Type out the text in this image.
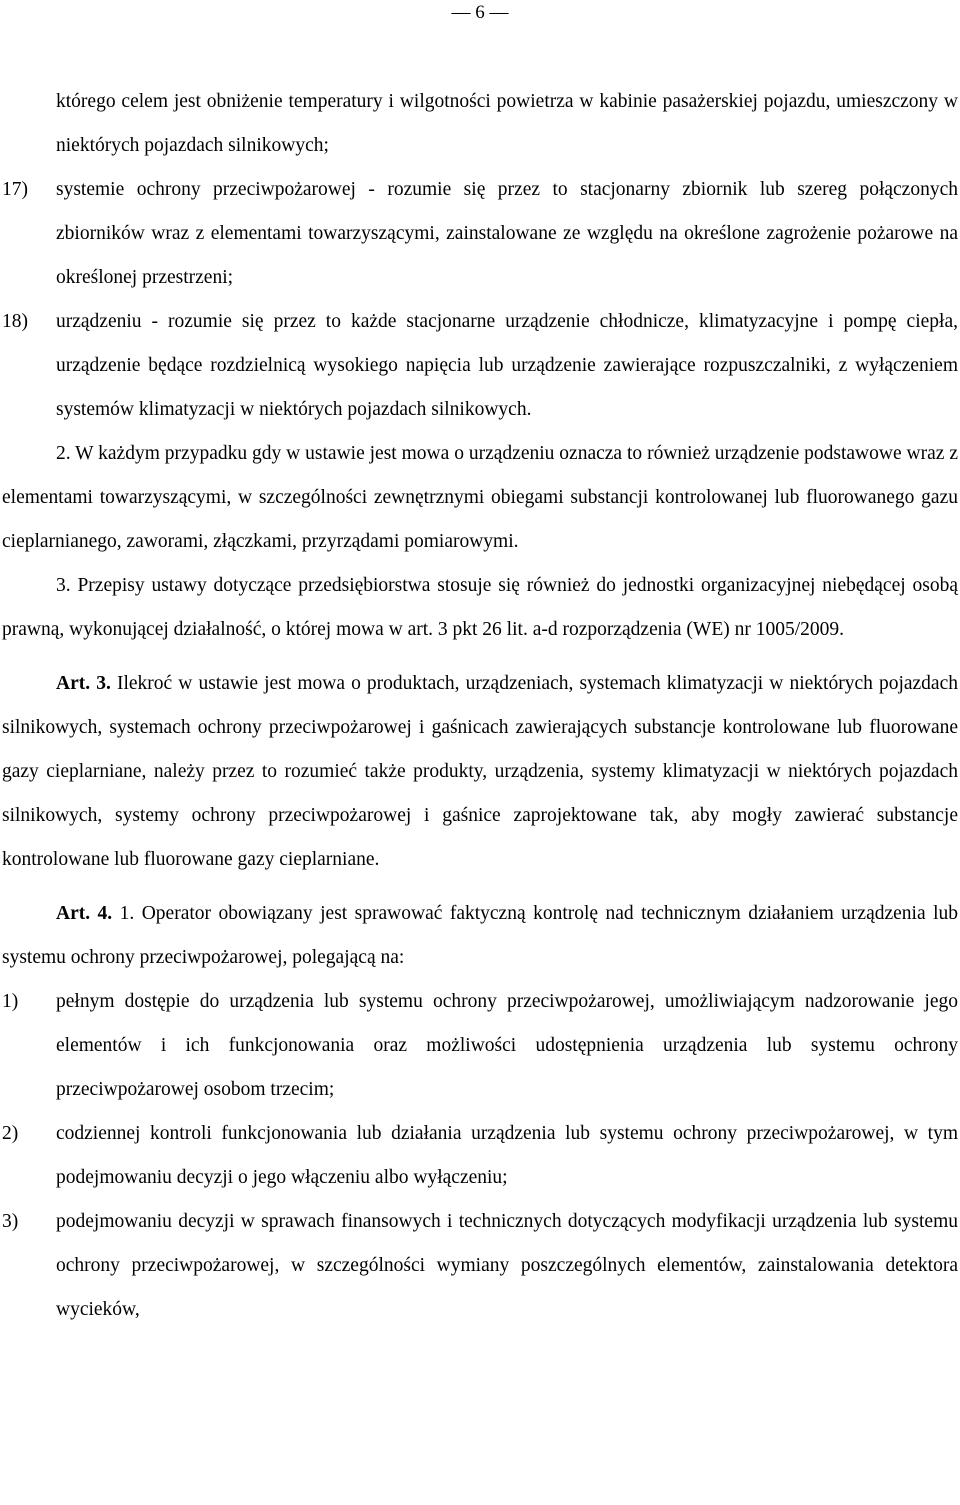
— 6 —
którego celem jest obniżenie temperatury i wilgotności powietrza w kabinie pasażerskiej pojazdu, umieszczony w niektórych pojazdach silnikowych;
17) systemie ochrony przeciwpożarowej - rozumie się przez to stacjonarny zbiornik lub szereg połączonych zbiorników wraz z elementami towarzyszącymi, zainstalowane ze względu na określone zagrożenie pożarowe na określonej przestrzeni;
18) urządzeniu - rozumie się przez to każde stacjonarne urządzenie chłodnicze, klimatyzacyjne i pompę ciepła, urządzenie będące rozdzielnicą wysokiego napięcia lub urządzenie zawierające rozpuszczalniki, z wyłączeniem systemów klimatyzacji w niektórych pojazdach silnikowych.

2. W każdym przypadku gdy w ustawie jest mowa o urządzeniu oznacza to również urządzenie podstawowe wraz z elementami towarzyszącymi, w szczególności zewnętrznymi obiegami substancji kontrolowanej lub fluorowanego gazu cieplarnianego, zaworami, złączkami, przyrządami pomiarowymi.

3. Przepisy ustawy dotyczące przedsiębiorstwa stosuje się również do jednostki organizacyjnej niebędącej osobą prawną, wykonującej działalność, o której mowa w art. 3 pkt 26 lit. a-d rozporządzenia (WE) nr 1005/2009.

Art. 3. Ilekroć w ustawie jest mowa o produktach, urządzeniach, systemach klimatyzacji w niektórych pojazdach silnikowych, systemach ochrony przeciwpożarowej i gaśnicach zawierających substancje kontrolowane lub fluorowane gazy cieplarniane, należy przez to rozumieć także produkty, urządzenia, systemy klimatyzacji w niektórych pojazdach silnikowych, systemy ochrony przeciwpożarowej i gaśnice zaprojektowane tak, aby mogły zawierać substancje kontrolowane lub fluorowane gazy cieplarniane.

Art. 4. 1. Operator obowiązany jest sprawować faktyczną kontrolę nad technicznym działaniem urządzenia lub systemu ochrony przeciwpożarowej, polegającą na:

1) pełnym dostępie do urządzenia lub systemu ochrony przeciwpożarowej, umożliwiającym nadzorowanie jego elementów i ich funkcjonowania oraz możliwości udostępnienia urządzenia lub systemu ochrony przeciwpożarowej osobom trzecim;
2) codziennej kontroli funkcjonowania lub działania urządzenia lub systemu ochrony przeciwpożarowej, w tym podejmowaniu decyzji o jego włączeniu albo wyłączeniu;
3) podejmowaniu decyzji w sprawach finansowych i technicznych dotyczących modyfikacji urządzenia lub systemu ochrony przeciwpożarowej, w szczególności wymiany poszczególnych elementów, zainstalowania detektora wycieków,
